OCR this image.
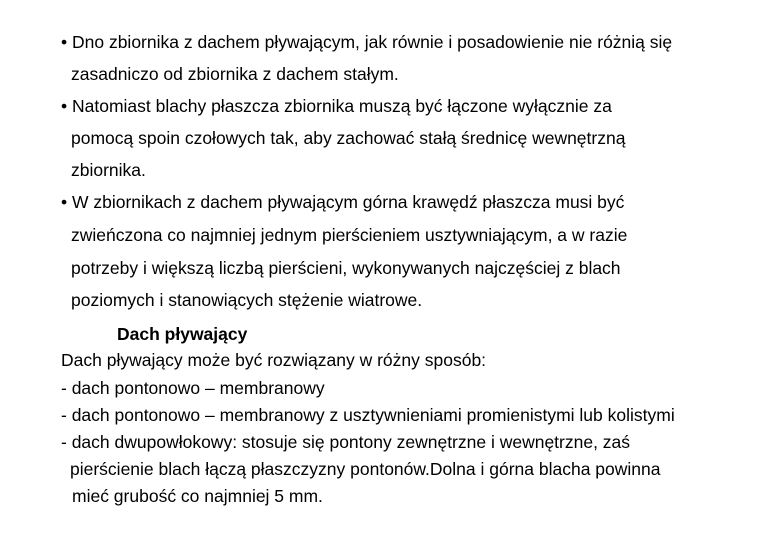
• Dno zbiornika z dachem pływającym, jak równie i posadowienie nie różnią się
zasadniczo od zbiornika z dachem stałym.
• Natomiast blachy płaszcza zbiornika muszą być łączone wyłącznie za
pomocą spoin czołowych tak, aby zachować stałą średnicę wewnętrzną
zbiornika.
• W zbiornikach z dachem pływającym górna krawędź płaszcza musi być
zwieńczona co najmniej jednym pierścieniem usztywniającym, a w razie
potrzeby i większą liczbą pierścieni, wykonywanych najczęściej z blach
poziomych i stanowiących stężenie wiatrowe.
Dach pływający
Dach pływający może być rozwiązany w różny sposób:
- dach pontonowo – membranowy
- dach pontonowo – membranowy z usztywnieniami promienistymi lub kolistymi
- dach dwupowłokowy: stosuje się pontony zewnętrzne i wewnętrzne, zaś
pierścienie blach łączą płaszczyzny pontonów.Dolna i górna blacha powinna
mieć grubość co najmniej 5 mm.
